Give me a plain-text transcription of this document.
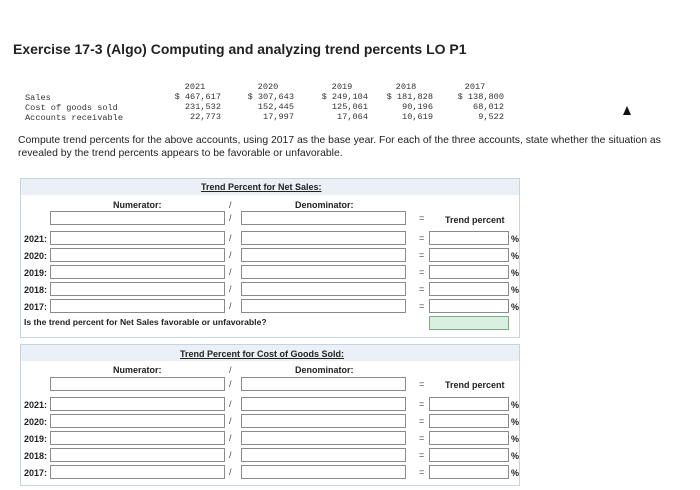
Exercise 17-3 (Algo) Computing and analyzing trend percents LO P1
2021	2020	2019	2018	2017
Sales	$ 467,617	$ 307,643	$ 249,104 $ 181,828	$ 138,800
Cost of goods sold	231,532	152,445	125,061	90,196	68,012
Accounts receivable	22,773	17,997	17,064	10,619	9,522
Compute trend percents for the above accounts, using 2017 as the base year. For each of the three accounts, state whether the situation as revealed by the trend percents appears to be favorable or unfavorable.
Trend Percent for Net Sales:
Numerator:	/	Denominator:
Trend percent
/	=
2021:	/	=	%
2020:	/	=	%
2019:	/	=	%
2018:	/	=	%
2017:	/	=	%
Is the trend percent for Net Sales favorable or unfavorable?
Trend Percent for Cost of Goods Sold:
Numerator:	/	Denominator:
Trend percent
/	=
2021:	/	=	%
2020:	/	=	%
2019:	/	=	%
2018:	/	=	%
2017:	/	=	%
